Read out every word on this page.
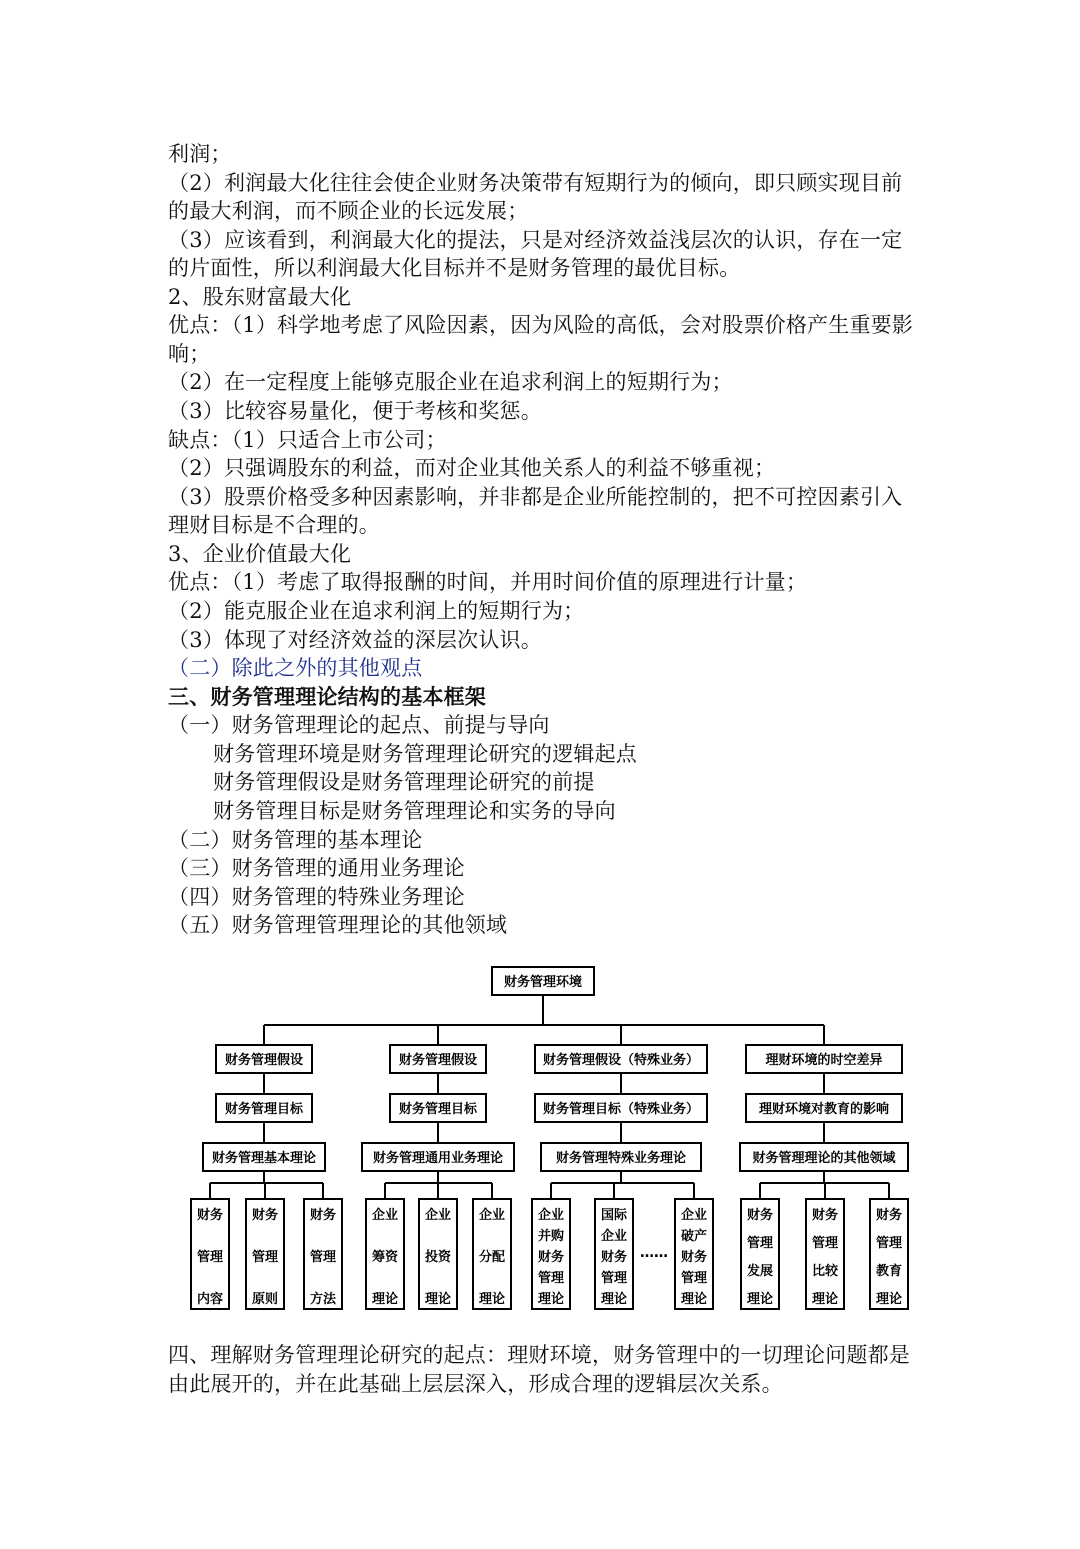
利润；

（2）利润最大化往往会使企业财务决策带有短期行为的倾向，即只顾实现目前

的最大利润，而不顾企业的长远发展；

（3）应该看到，利润最大化的提法，只是对经济效益浅层次的认识，存在一定

的片面性，所以利润最大化目标并不是财务管理的最优目标。

2、股东财富最大化

优点：（1）科学地考虑了风险因素，因为风险的高低，会对股票价格产生重要影

响；

（2）在一定程度上能够克服企业在追求利润上的短期行为；

（3）比较容易量化，便于考核和奖惩。

缺点：（1）只适合上市公司；

（2）只强调股东的利益，而对企业其他关系人的利益不够重视；

（3）股票价格受多种因素影响，并非都是企业所能控制的，把不可控因素引入

理财目标是不合理的。

3、企业价值最大化

优点：（1）考虑了取得报酬的时间，并用时间价值的原理进行计量；

（2）能克服企业在追求利润上的短期行为；

（3）体现了对经济效益的深层次认识。

（二）除此之外的其他观点

三、财务管理理论结构的基本框架

（一）财务管理理论的起点、前提与导向

财务管理环境是财务管理理论研究的逻辑起点

财务管理假设是财务管理理论研究的前提

财务管理目标是财务管理理论和实务的导向

（二）财务管理的基本理论

（三）财务管理的通用业务理论

（四）财务管理的特殊业务理论

（五）财务管理管理理论的其他领域

四、理解财务管理理论研究的起点：理财环境，财务管理中的一切理论问题都是

由此展开的，并在此基础上层层深入，形成合理的逻辑层次关系。

财务管理环境
财务管理假设
财务管理目标
财务管理基本理论
财务
管理
内容
财务
管理
原则
财务
管理
方法
财务管理假设
财务管理目标
财务管理通用业务理论
企业
筹资
理论
企业
投资
理论
企业
分配
理论
财务管理假设（特殊业务）
财务管理目标（特殊业务）
财务管理特殊业务理论
企业
并购
财务
管理
理论
国际
企业
财务
管理
理论
企业
破产
财务
管理
理论
……
理财环境的时空差异
理财环境对教育的影响
财务管理理论的其他领域
财务
管理
发展
理论
财务
管理
比较
理论
财务
管理
教育
理论
